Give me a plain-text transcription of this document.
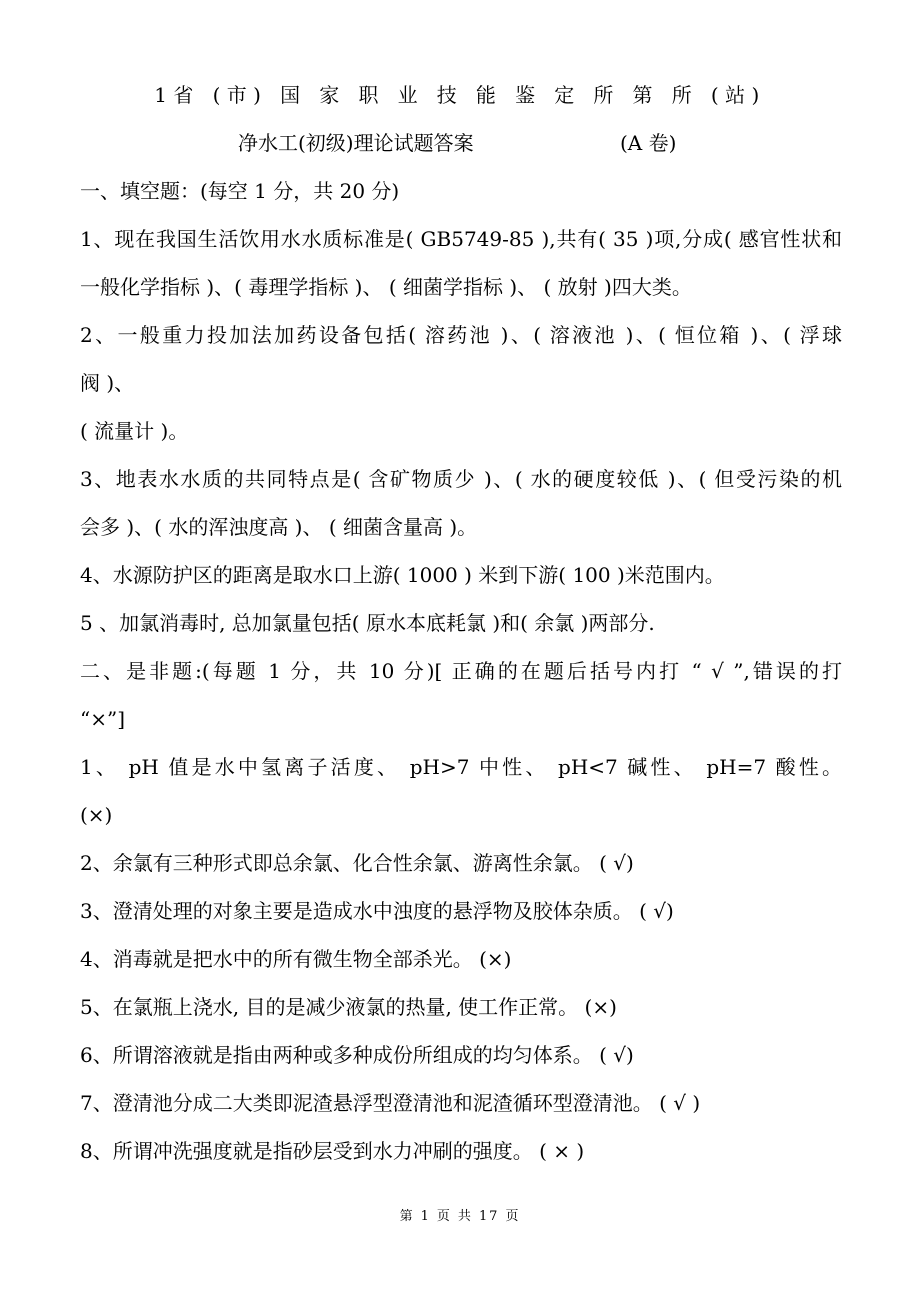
1省 (市) 国 家 职 业 技 能 鉴 定 所 第 所 (站)
净水工(初级)理论试题答案	(A 卷)
一、填空题：(每空 1 分，共 20 分)
1、现在我国生活饮用水水质标准是( GB5749-85 ),共有( 35 )项,分成( 感官性状和
一般化学指标 )、( 毒理学指标 )、 ( 细菌学指标 )、 ( 放射 )四大类。
2、一般重力投加法加药设备包括( 溶药池 )、( 溶液池 )、( 恒位箱 )、( 浮球
阀 )、
( 流量计 )。
3、地表水水质的共同特点是( 含矿物质少 )、( 水的硬度较低 )、( 但受污染的机
会多 )、( 水的浑浊度高 )、 ( 细菌含量高 )。
4、水源防护区的距离是取水口上游( 1000 ) 米到下游( 100 )米范围内。
5 、加氯消毒时, 总加氯量包括( 原水本底耗氯 )和( 余氯 )两部分.
二、是非题:(每题 1 分，共 10 分)[ 正确的在题后括号内打 “ √ ”,错误的打
“×”]
1、 pH 值是水中氢离子活度、 pH>7 中性、 pH<7 碱性、 pH=7 酸性。
(×)
2、余氯有三种形式即总余氯、化合性余氯、游离性余氯。 ( √)
3、澄清处理的对象主要是造成水中浊度的悬浮物及胶体杂质。 ( √)
4、消毒就是把水中的所有微生物全部杀光。 (×)
5、在氯瓶上浇水, 目的是减少液氯的热量, 使工作正常。 (×)
6、所谓溶液就是指由两种或多种成份所组成的均匀体系。 ( √)
7、澄清池分成二大类即泥渣悬浮型澄清池和泥渣循环型澄清池。 ( √ )
8、所谓冲洗强度就是指砂层受到水力冲刷的强度。 ( × )
第 1 页 共 17 页
